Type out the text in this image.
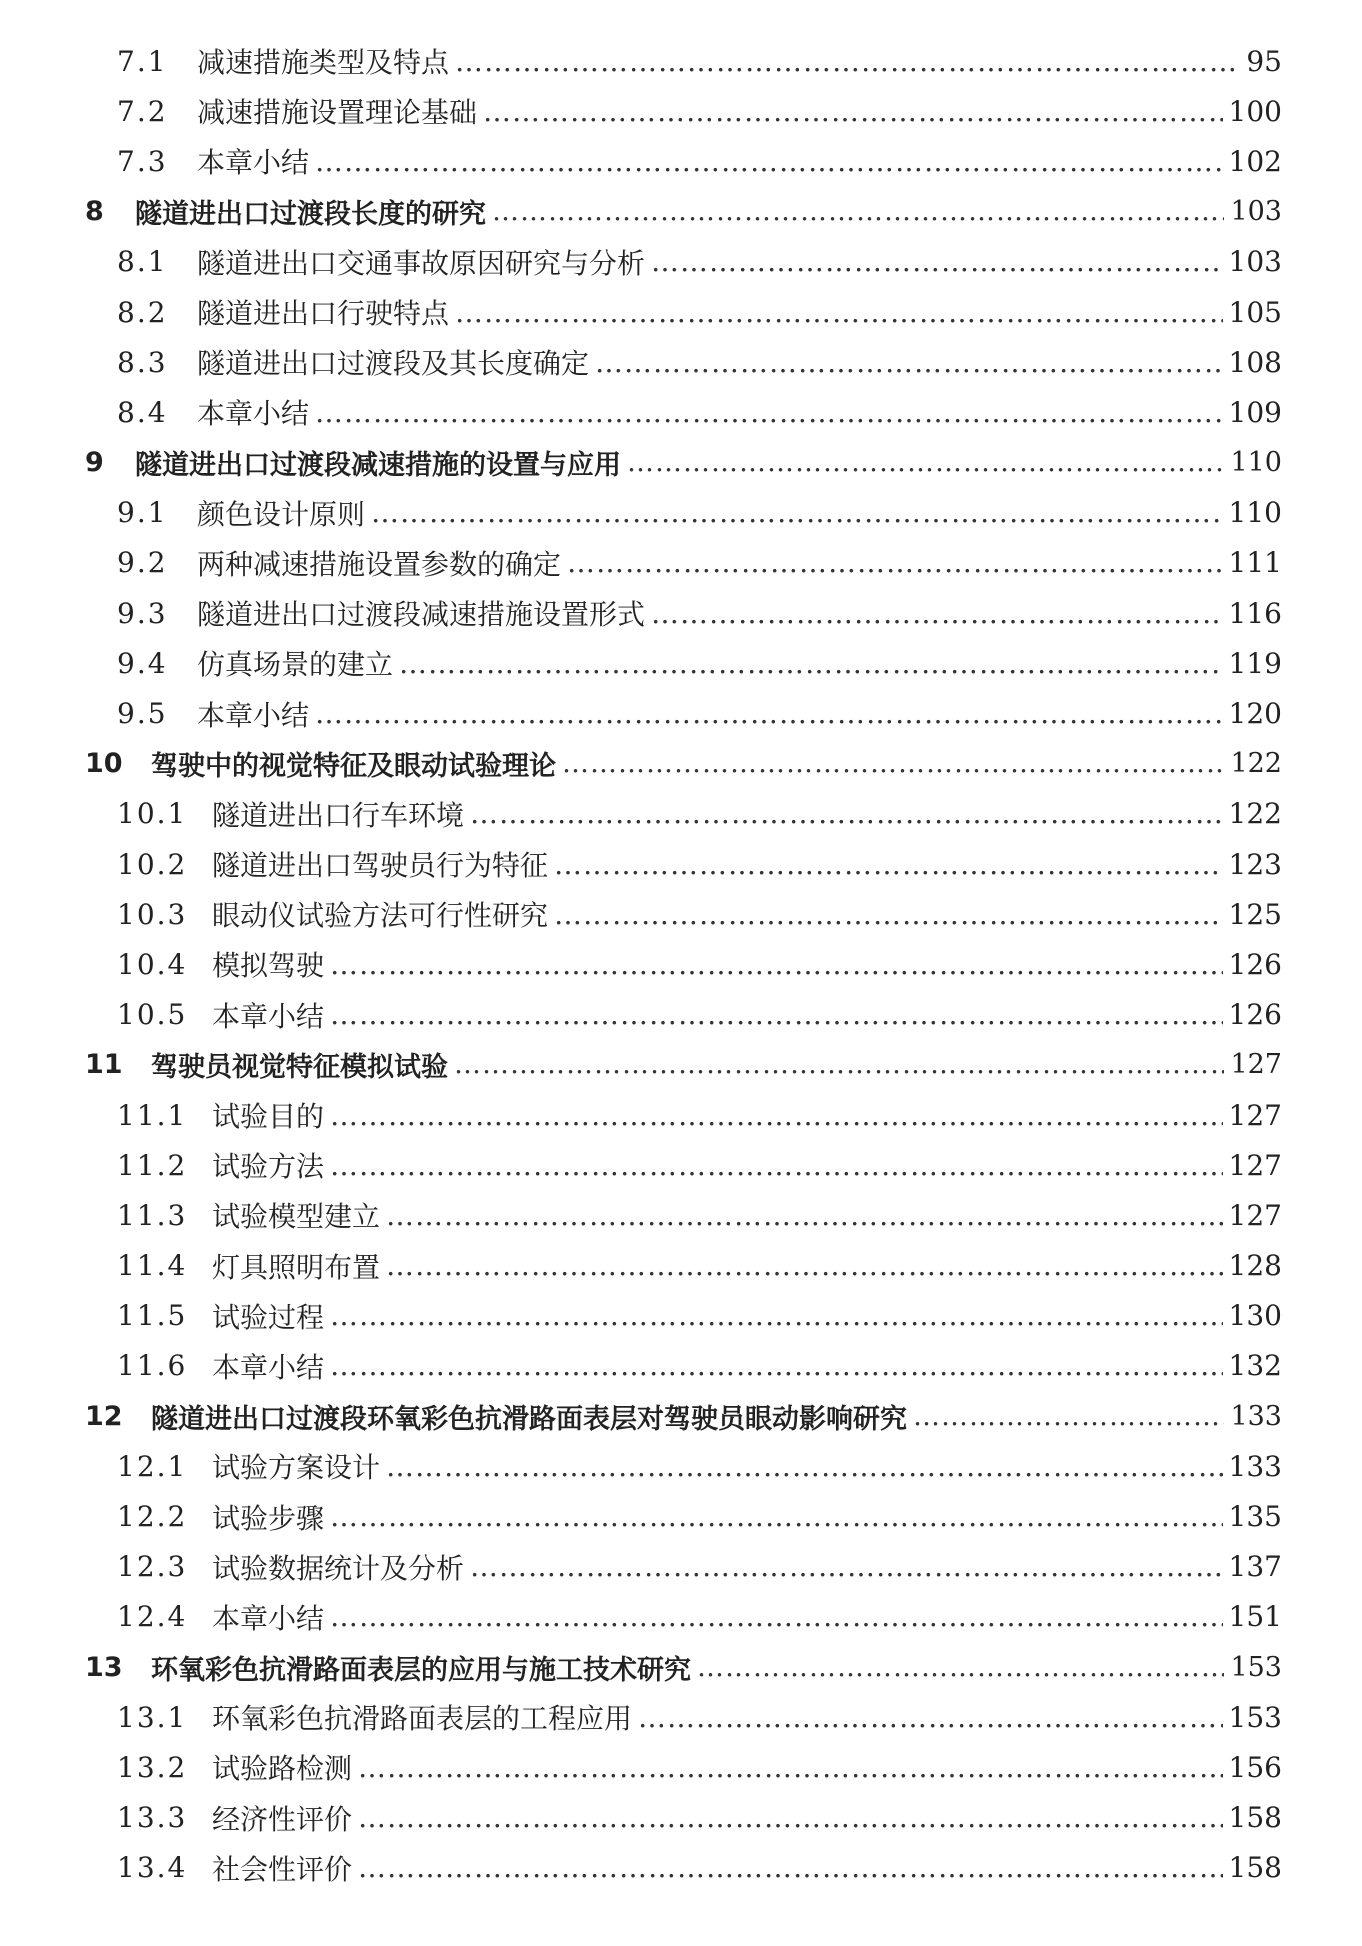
7.1 减速措施类型及特点 ……………………………………………………………………………………………………………………………………………………………………………………………………………………………………	95
7.2 减速措施设置理论基础 ……………………………………………………………………………………………………………………………………………………………………………………………………………………………………	100
7.3 本章小结 ……………………………………………………………………………………………………………………………………………………………………………………………………………………………………	102
8 隧道进出口过渡段长度的研究 ……………………………………………………………………………………………………………………………………………………………………………………………………………………………………	103
8.1 隧道进出口交通事故原因研究与分析 ……………………………………………………………………………………………………………………………………………………………………………………………………………………………………	103
8.2 隧道进出口行驶特点 ……………………………………………………………………………………………………………………………………………………………………………………………………………………………………	105
8.3 隧道进出口过渡段及其长度确定 ……………………………………………………………………………………………………………………………………………………………………………………………………………………………………	108
8.4 本章小结 ……………………………………………………………………………………………………………………………………………………………………………………………………………………………………	109
9 隧道进出口过渡段减速措施的设置与应用 ……………………………………………………………………………………………………………………………………………………………………………………………………………………………………	110
9.1 颜色设计原则 ……………………………………………………………………………………………………………………………………………………………………………………………………………………………………	110
9.2 两种减速措施设置参数的确定 ……………………………………………………………………………………………………………………………………………………………………………………………………………………………………	111
9.3 隧道进出口过渡段减速措施设置形式 ……………………………………………………………………………………………………………………………………………………………………………………………………………………………………	116
9.4 仿真场景的建立 ……………………………………………………………………………………………………………………………………………………………………………………………………………………………………	119
9.5 本章小结 ……………………………………………………………………………………………………………………………………………………………………………………………………………………………………	120
10 驾驶中的视觉特征及眼动试验理论 ……………………………………………………………………………………………………………………………………………………………………………………………………………………………………	122
10.1 隧道进出口行车环境 ……………………………………………………………………………………………………………………………………………………………………………………………………………………………………	122
10.2 隧道进出口驾驶员行为特征 ……………………………………………………………………………………………………………………………………………………………………………………………………………………………………	123
10.3 眼动仪试验方法可行性研究 ……………………………………………………………………………………………………………………………………………………………………………………………………………………………………	125
10.4 模拟驾驶 ……………………………………………………………………………………………………………………………………………………………………………………………………………………………………	126
10.5 本章小结 ……………………………………………………………………………………………………………………………………………………………………………………………………………………………………	126
11 驾驶员视觉特征模拟试验 ……………………………………………………………………………………………………………………………………………………………………………………………………………………………………	127
11.1 试验目的 ……………………………………………………………………………………………………………………………………………………………………………………………………………………………………	127
11.2 试验方法 ……………………………………………………………………………………………………………………………………………………………………………………………………………………………………	127
11.3 试验模型建立 ……………………………………………………………………………………………………………………………………………………………………………………………………………………………………	127
11.4 灯具照明布置 ……………………………………………………………………………………………………………………………………………………………………………………………………………………………………	128
11.5 试验过程 ……………………………………………………………………………………………………………………………………………………………………………………………………………………………………	130
11.6 本章小结 ……………………………………………………………………………………………………………………………………………………………………………………………………………………………………	132
12 隧道进出口过渡段环氧彩色抗滑路面表层对驾驶员眼动影响研究 ……………………………………………………………………………………………………………………………………………………………………………………………………………………………………	133
12.1 试验方案设计 ……………………………………………………………………………………………………………………………………………………………………………………………………………………………………	133
12.2 试验步骤 ……………………………………………………………………………………………………………………………………………………………………………………………………………………………………	135
12.3 试验数据统计及分析 ……………………………………………………………………………………………………………………………………………………………………………………………………………………………………	137
12.4 本章小结 ……………………………………………………………………………………………………………………………………………………………………………………………………………………………………	151
13 环氧彩色抗滑路面表层的应用与施工技术研究 ……………………………………………………………………………………………………………………………………………………………………………………………………………………………………	153
13.1 环氧彩色抗滑路面表层的工程应用 ……………………………………………………………………………………………………………………………………………………………………………………………………………………………………	153
13.2 试验路检测 ……………………………………………………………………………………………………………………………………………………………………………………………………………………………………	156
13.3 经济性评价 ……………………………………………………………………………………………………………………………………………………………………………………………………………………………………	158
13.4 社会性评价 ……………………………………………………………………………………………………………………………………………………………………………………………………………………………………	158
